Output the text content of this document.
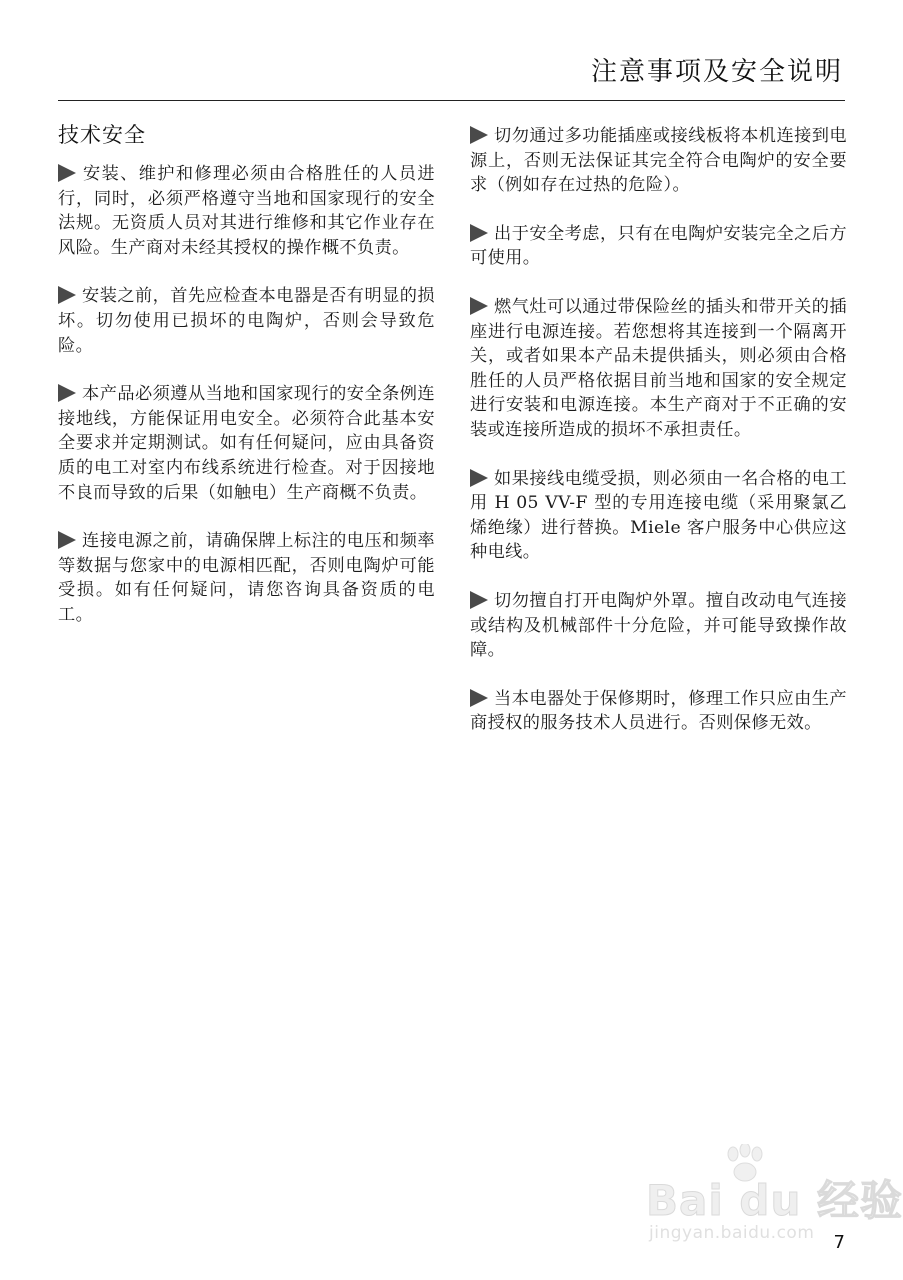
注意事项及安全说明
技术安全

安装、维护和修理必须由合格胜任的人员进行，同时，必须严格遵守当地和国家现行的安全法规。无资质人员对其进行维修和其它作业存在风险。生产商对未经其授权的操作概不负责。

安装之前，首先应检查本电器是否有明显的损坏。切勿使用已损坏的电陶炉，否则会导致危险。

本产品必须遵从当地和国家现行的安全条例连接地线，方能保证用电安全。必须符合此基本安全要求并定期测试。如有任何疑问，应由具备资质的电工对室内布线系统进行检查。对于因接地不良而导致的后果（如触电）生产商概不负责。

连接电源之前，请确保牌上标注的电压和频率等数据与您家中的电源相匹配，否则电陶炉可能受损。如有任何疑问，请您咨询具备资质的电工。

切勿通过多功能插座或接线板将本机连接到电源上，否则无法保证其完全符合电陶炉的安全要求（例如存在过热的危险）。

出于安全考虑，只有在电陶炉安装完全之后方可使用。

燃气灶可以通过带保险丝的插头和带开关的插座进行电源连接。若您想将其连接到一个隔离开关，或者如果本产品未提供插头，则必须由合格胜任的人员严格依据目前当地和国家的安全规定进行安装和电源连接。本生产商对于不正确的安装或连接所造成的损坏不承担责任。

如果接线电缆受损，则必须由一名合格的电工用 H 05 VV-F 型的专用连接电缆（采用聚氯乙烯绝缘）进行替换。Miele 客户服务中心供应这种电线。

切勿擅自打开电陶炉外罩。擅自改动电气连接或结构及机械部件十分危险，并可能导致操作故障。

当本电器处于保修期时，修理工作只应由生产商授权的服务技术人员进行。否则保修无效。

Bai du 经验
jingyan.baidu.com 7
